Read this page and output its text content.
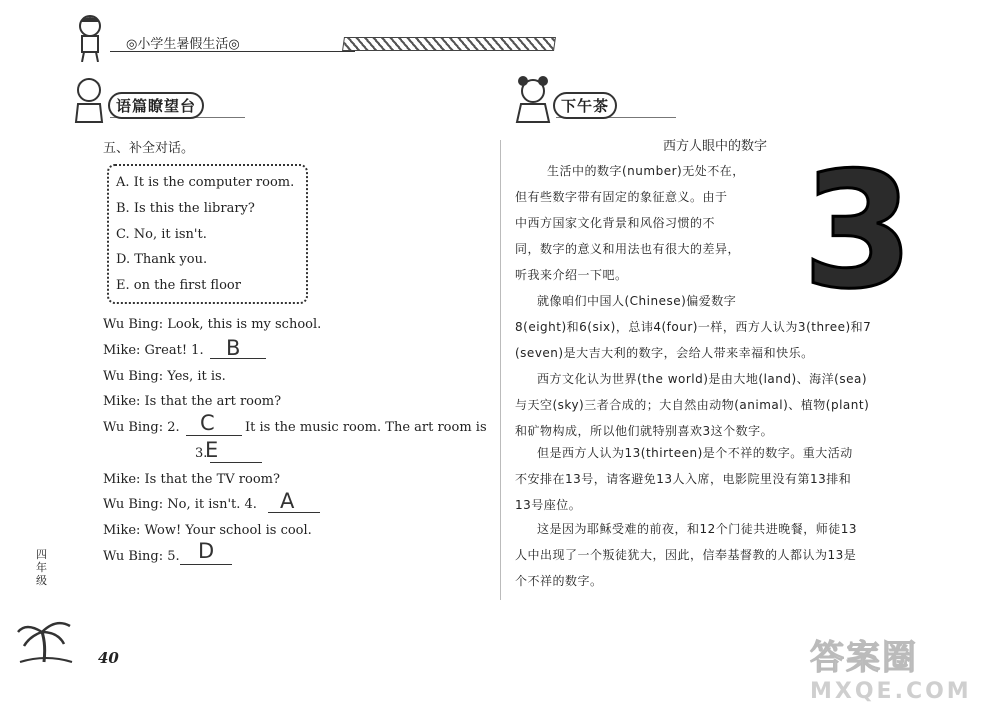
◎小学生暑假生活◎
语篇瞭望台
五、补全对话。
A. It is the computer room.
B. Is this the library?
C. No, it isn't.
D. Thank you.
E. on the first floor
Wu Bing: Look, this is my school.
Mike: Great! 1. B
Wu Bing: Yes, it is.
Mike: Is that the art room?
Wu Bing: 2. C It is the music room. The art room is
3.
E
Mike: Is that the TV room?
Wu Bing: No, it isn't. 4. A
Mike: Wow! Your school is cool.
Wu Bing: 5. D
四年级
40
下午茶
西方人眼中的数字 3
生活中的数字(number)无处不在，
但有些数字带有固定的象征意义。由于
中西方国家文化背景和风俗习惯的不
同，数字的意义和用法也有很大的差异，
听我来介绍一下吧。
就像咱们中国人(Chinese)偏爱数字
8(eight)和6(six)，总讳4(four)一样，西方人认为3(three)和7
(seven)是大吉大利的数字，会给人带来幸福和快乐。
西方文化认为世界(the world)是由大地(land)、海洋(sea)
与天空(sky)三者合成的；大自然由动物(animal)、植物(plant)
和矿物构成，所以他们就特别喜欢3这个数字。
但是西方人认为13(thirteen)是个不祥的数字。重大活动
不安排在13号，请客避免13人入席，电影院里没有第13排和
13号座位。
这是因为耶稣受难的前夜，和12个门徒共进晚餐，师徒13
人中出现了一个叛徒犹大，因此，信奉基督教的人都认为13是
个不祥的数字。
答案圈
MXQE.COM
